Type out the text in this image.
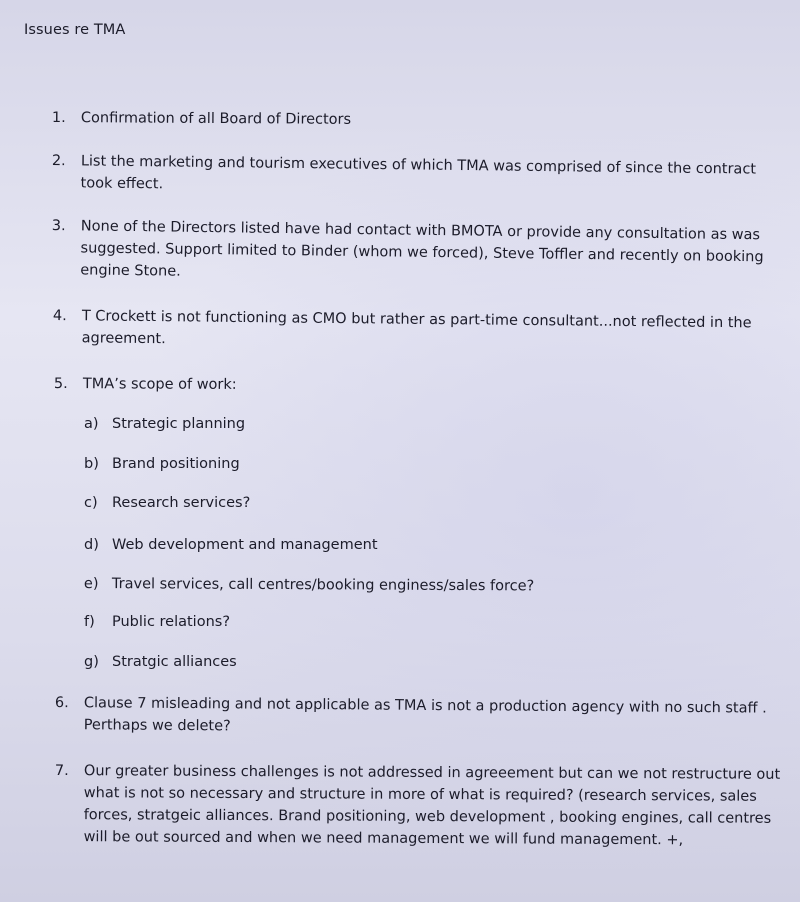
Issues re TMA
1.	Confirmation of all Board of Directors
2.	List the marketing and tourism executives of which TMA was comprised of since the contract
took effect.
3.	None of the Directors listed have had contact with BMOTA or provide any consultation as was
suggested. Support limited to Binder (whom we forced), Steve Toffler and recently on booking
engine Stone.
4.	T Crockett is not functioning as CMO but rather as part-time consultant...not reflected in the
agreement.
5.	TMA’s scope of work:
a) Strategic planning
b) Brand positioning
c) Research services?
d) Web development and management
e) Travel services, call centres/booking enginess/sales force?
f)	Public relations?
g) Stratgic alliances
6.	Clause 7 misleading and not applicable as TMA is not a production agency with no such staff .
Perthaps we delete?
7.	Our greater business challenges is not addressed in agreeement but can we not restructure out
what is not so necessary and structure in more of what is required? (research services, sales
forces, stratgeic alliances. Brand positioning, web development , booking engines, call centres
will be out sourced and when we need management we will fund management. +,
